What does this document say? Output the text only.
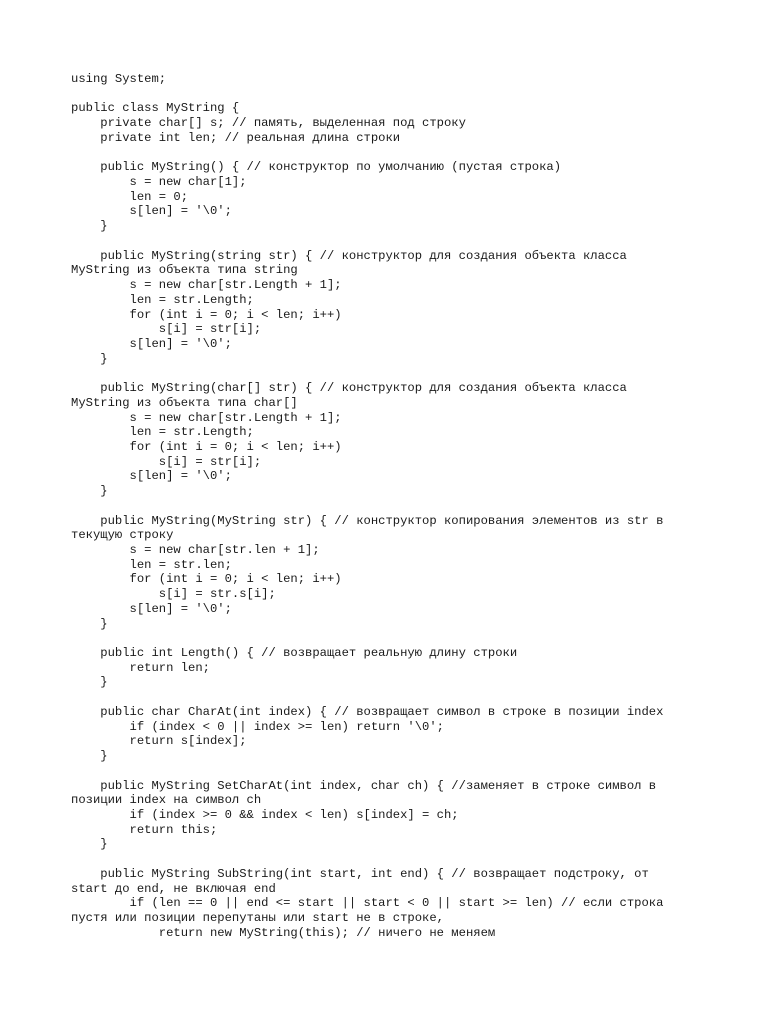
using System;
public class MyString {
private char[] s; // память, выделенная под строку
private int len; // реальная длина строки
public MyString() { // конструктор по умолчанию (пустая строка)
s = new char[1];
len = 0;
s[len] = '\0';
}
public MyString(string str) { // конструктор для создания объекта класса
MyString из объекта типа string
s = new char[str.Length + 1];
len = str.Length;
for (int i = 0; i < len; i++)
s[i] = str[i];
s[len] = '\0';
}
public MyString(char[] str) { // конструктор для создания объекта класса
MyString из объекта типа char[]
s = new char[str.Length + 1];
len = str.Length;
for (int i = 0; i < len; i++)
s[i] = str[i];
s[len] = '\0';
}
public MyString(MyString str) { // конструктор копирования элементов из str в
текущую строку
s = new char[str.len + 1];
len = str.len;
for (int i = 0; i < len; i++)
s[i] = str.s[i];
s[len] = '\0';
}
public int Length() { // возвращает реальную длину строки
return len;
}
public char CharAt(int index) { // возвращает символ в строке в позиции index
if (index < 0 || index >= len) return '\0';
return s[index];
}
public MyString SetCharAt(int index, char ch) { //заменяет в строке символ в
позиции index на символ ch
if (index >= 0 && index < len) s[index] = ch;
return this;
}
public MyString SubString(int start, int end) { // возвращает подстроку, от
start до end, не включая end
if (len == 0 || end <= start || start < 0 || start >= len) // если строка
пустя или позиции перепутаны или start не в строке,
return new MyString(this); // ничего не меняем
